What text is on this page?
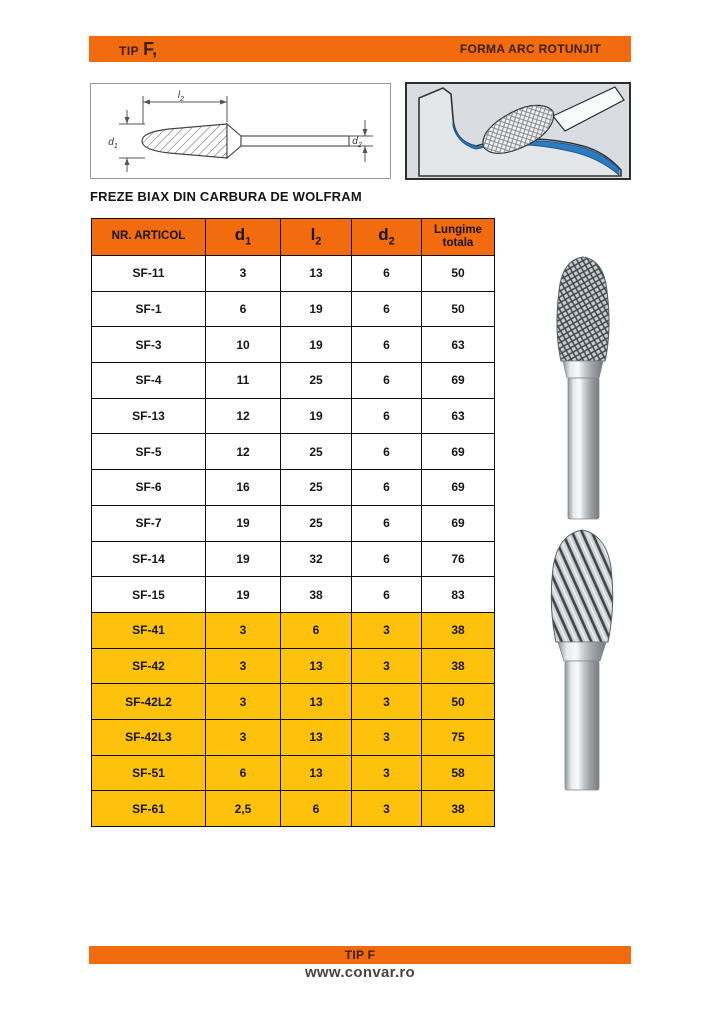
TIP F,	FORMA ARC ROTUNJIT
$l_2$
$d_1$	$d_2$
FREZE BIAX DIN CARBURA DE WOLFRAM
NR. ARTICOL	$d_1$	$l_2$	$d_2$	Lungime totala
SF-11	3	13	6	50
SF-1	6	19	6	50
SF-3	10	19	6	63
SF-4	11	25	6	69
SF-13	12	19	6	63
SF-5	12	25	6	69
SF-6	16	25	6	69
SF-7	19	25	6	69
SF-14	19	32	6	76
SF-15	19	38	6	83
SF-41	3	6	3	38
SF-42	3	13	3	38
SF-42L2	3	13	3	50
SF-42L3	3	13	3	75
SF-51	6	13	3	58
SF-61	2,5	6	3	38
TIP F
www.convar.ro
